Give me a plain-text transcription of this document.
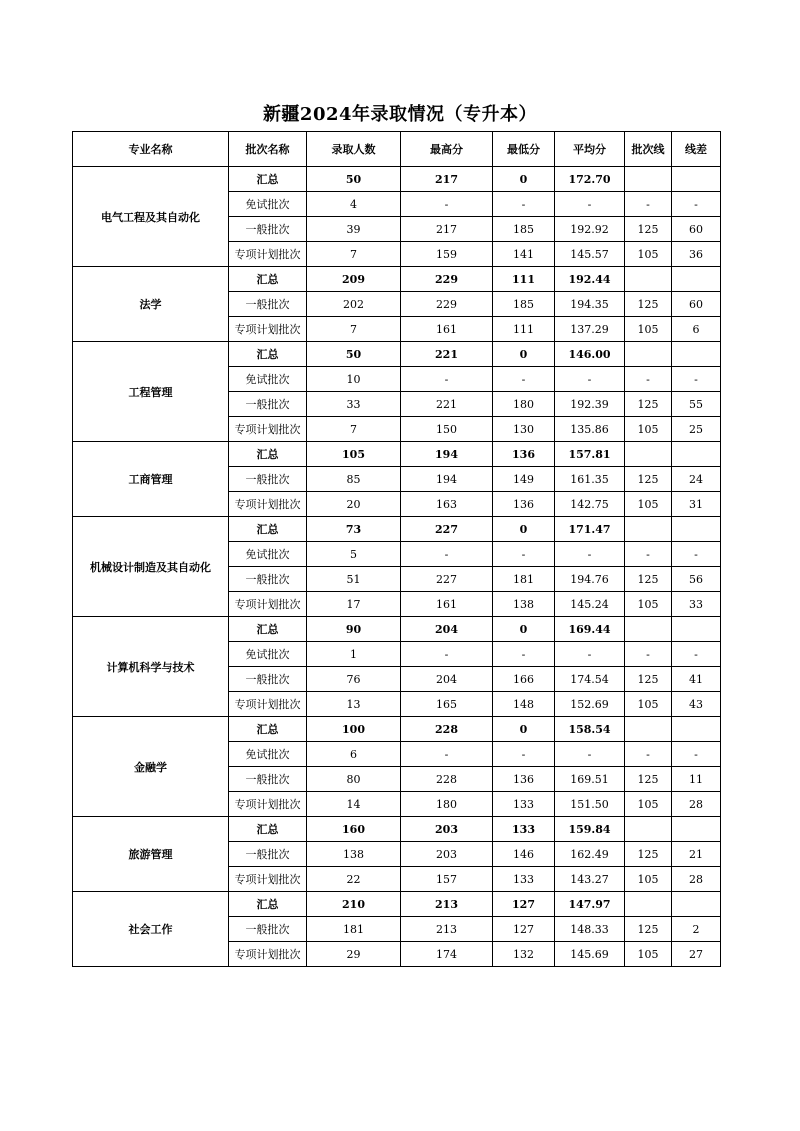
新疆2024年录取情况（专升本）
专业名称	批次名称	录取人数	最高分	最低分	平均分	批次线	线差
电气工程及其自动化	汇总	50	217	0	172.70		
	免试批次	4	-	-	-	-	-
	一般批次	39	217	185	192.92	125	60
	专项计划批次	7	159	141	145.57	105	36
法学	汇总	209	229	111	192.44		
	一般批次	202	229	185	194.35	125	60
	专项计划批次	7	161	111	137.29	105	6
工程管理	汇总	50	221	0	146.00		
	免试批次	10	-	-	-	-	-
	一般批次	33	221	180	192.39	125	55
	专项计划批次	7	150	130	135.86	105	25
工商管理	汇总	105	194	136	157.81		
	一般批次	85	194	149	161.35	125	24
	专项计划批次	20	163	136	142.75	105	31
机械设计制造及其自动化	汇总	73	227	0	171.47		
	免试批次	5	-	-	-	-	-
	一般批次	51	227	181	194.76	125	56
	专项计划批次	17	161	138	145.24	105	33
计算机科学与技术	汇总	90	204	0	169.44		
	免试批次	1	-	-	-	-	-
	一般批次	76	204	166	174.54	125	41
	专项计划批次	13	165	148	152.69	105	43
金融学	汇总	100	228	0	158.54		
	免试批次	6	-	-	-	-	-
	一般批次	80	228	136	169.51	125	11
	专项计划批次	14	180	133	151.50	105	28
旅游管理	汇总	160	203	133	159.84		
	一般批次	138	203	146	162.49	125	21
	专项计划批次	22	157	133	143.27	105	28
社会工作	汇总	210	213	127	147.97		
	一般批次	181	213	127	148.33	125	2
	专项计划批次	29	174	132	145.69	105	27
